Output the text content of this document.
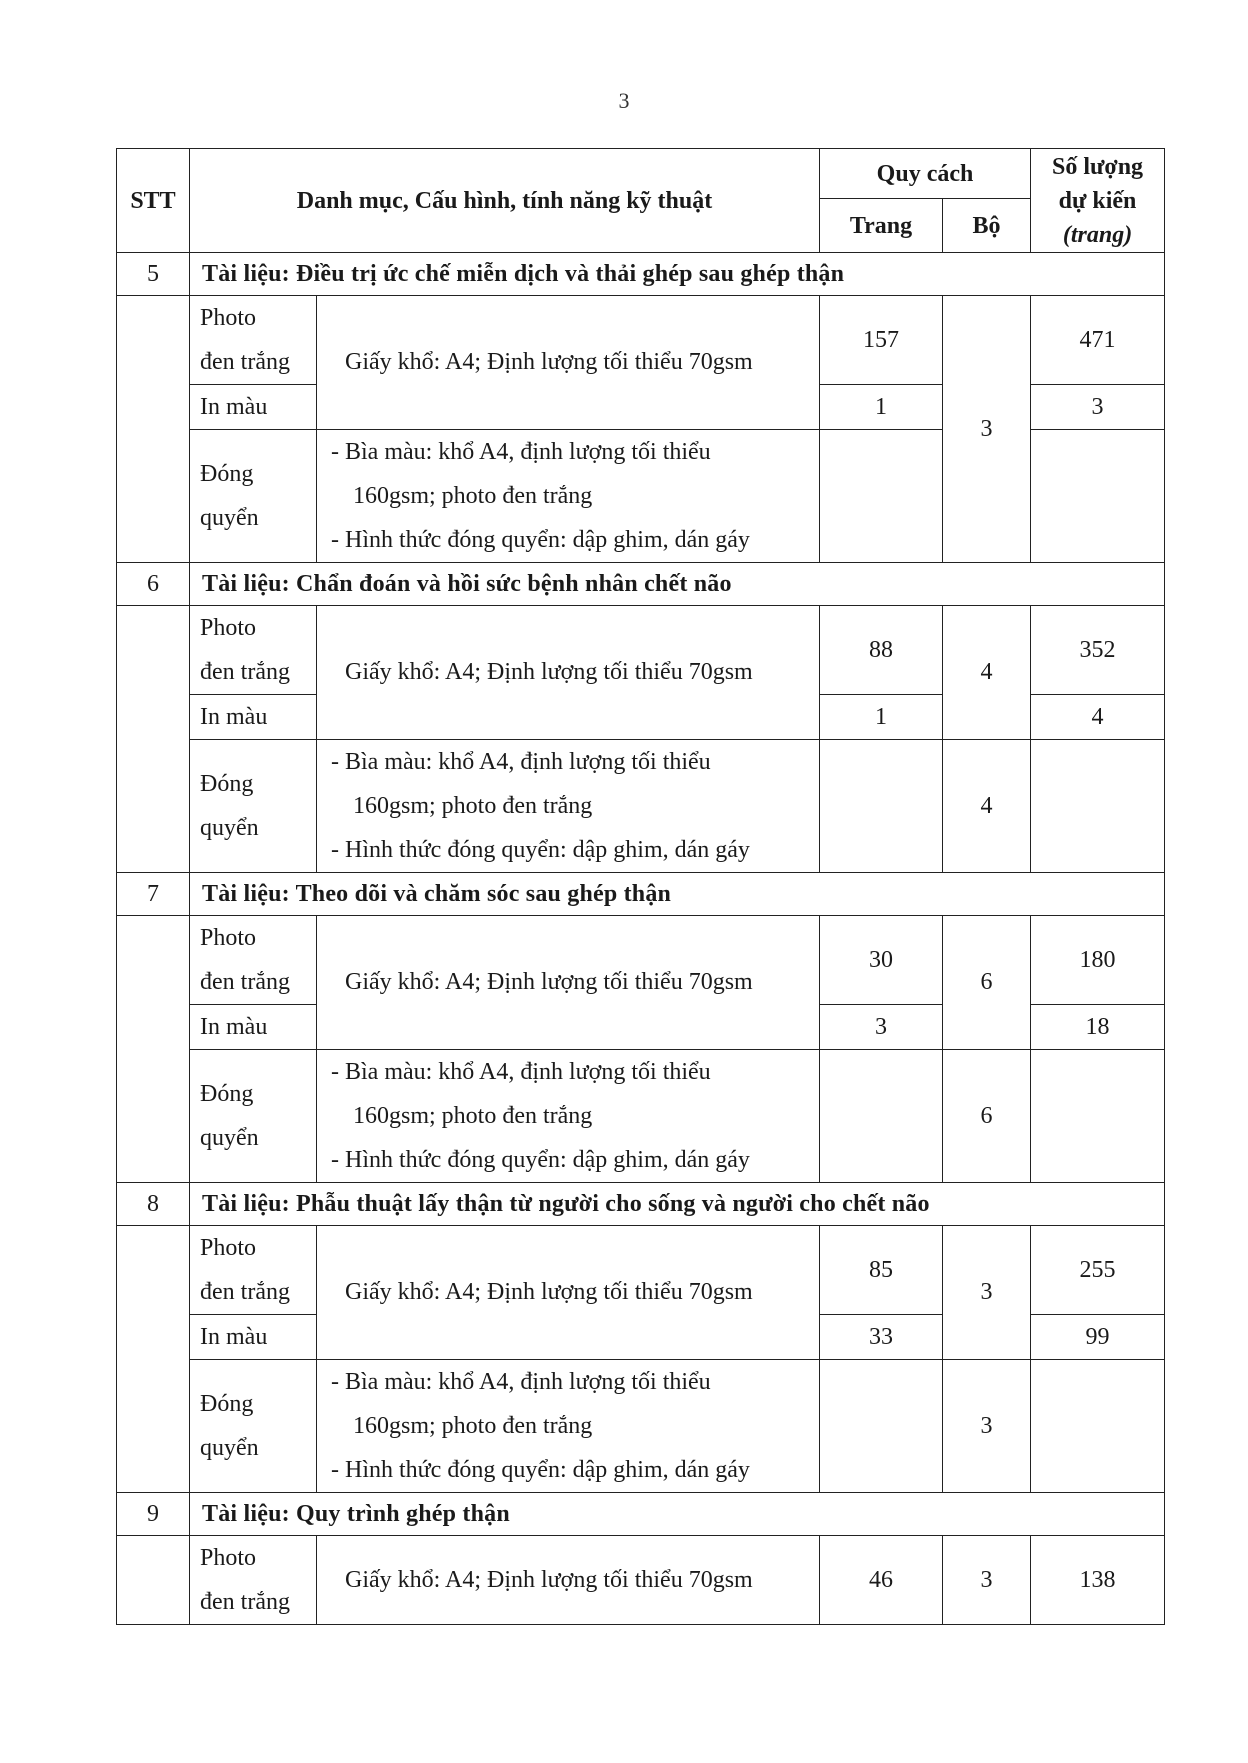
3
STT	Danh mục, Cấu hình, tính năng kỹ thuật		Quy cách		Số lượng
dự kiến
(trang)

			Trang	Bộ	
5	Tài liệu: Điều trị ức chế miễn dịch và thải ghép sau ghép thận				

	Photo
đen trắng	Giấy khổ: A4; Định lượng tối thiểu 70gsm	157	3	471
	In màu		1		3

	Đóng
quyển	- Bìa màu: khổ A4, định lượng tối thiểu
160gsm; photo đen trắng
- Hình thức đóng quyển: dập ghim, dán gáy			

6	Tài liệu: Chẩn đoán và hồi sức bệnh nhân chết não				

	Photo
đen trắng	Giấy khổ: A4; Định lượng tối thiểu 70gsm	88	4	352
	In màu		1		4

	Đóng
quyển	- Bìa màu: khổ A4, định lượng tối thiểu
160gsm; photo đen trắng
- Hình thức đóng quyển: dập ghim, dán gáy		4	
7	Tài liệu: Theo dõi và chăm sóc sau ghép thận				

	Photo
đen trắng	Giấy khổ: A4; Định lượng tối thiểu 70gsm	30	6	180
	In màu		3		18

	Đóng
quyển	- Bìa màu: khổ A4, định lượng tối thiểu
160gsm; photo đen trắng
- Hình thức đóng quyển: dập ghim, dán gáy		6	
8	Tài liệu: Phẫu thuật lấy thận từ người cho sống và người cho chết não				

	Photo
đen trắng	Giấy khổ: A4; Định lượng tối thiểu 70gsm	85	3	255
	In màu		33		99

	Đóng
quyển	- Bìa màu: khổ A4, định lượng tối thiểu
160gsm; photo đen trắng
- Hình thức đóng quyển: dập ghim, dán gáy		3	
9	Tài liệu: Quy trình ghép thận				

	Photo
đen trắng	Giấy khổ: A4; Định lượng tối thiểu 70gsm	46	3	138
